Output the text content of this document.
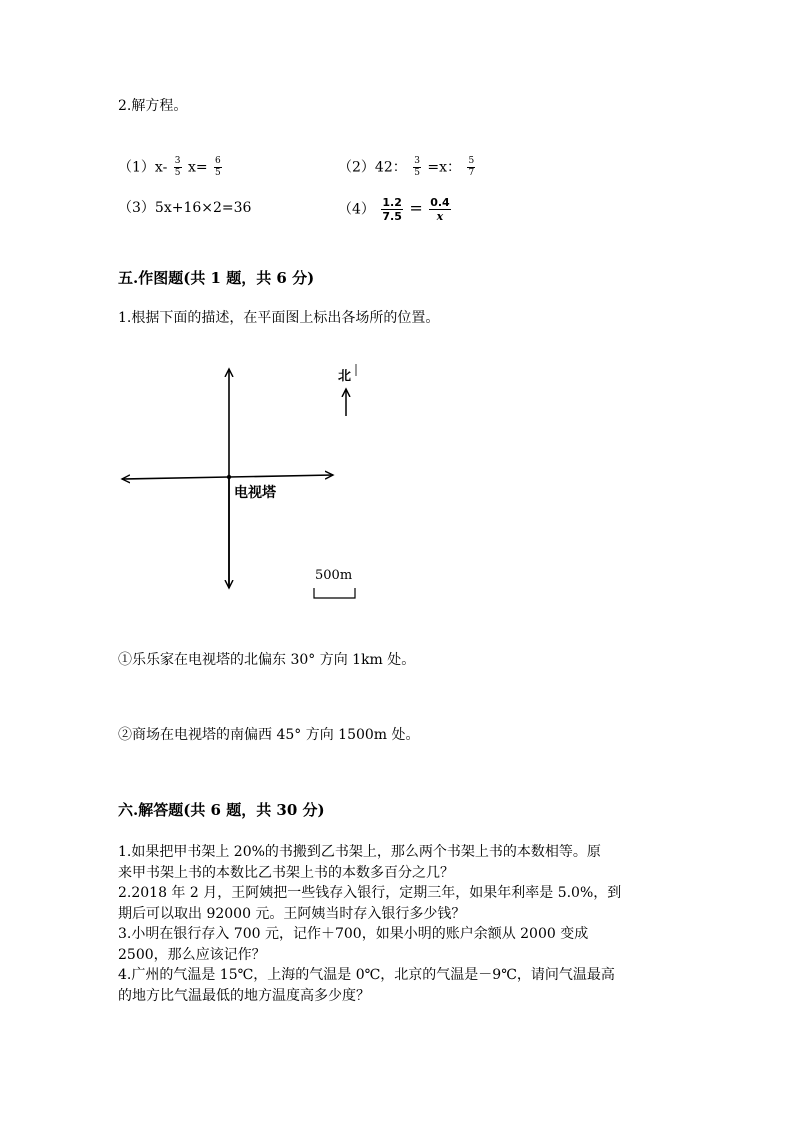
2.解方程。
$(1)x- \frac{3}{5} x= \frac{6}{5}$	（2）42： $\frac{3}{5} =x$： $\frac{5}{7}$
（3）5x+16×2=36	$(4) \frac{1.2}{7.5} = \frac{0.4}{x}$
五.作图题(共 1 题，共 6 分)
1.根据下面的描述，在平面图上标出各场所的位置。
北
电视塔
500m
①乐乐家在电视塔的北偏东 30° 方向 1km 处。
②商场在电视塔的南偏西 45° 方向 1500m 处。
六.解答题(共 6 题，共 30 分)
1.如果把甲书架上 20%的书搬到乙书架上，那么两个书架上书的本数相等。原
来甲书架上书的本数比乙书架上书的本数多百分之几？
2.2018 年 2 月，王阿姨把一些钱存入银行，定期三年，如果年利率是 5.0%，到
期后可以取出 92000 元。王阿姨当时存入银行多少钱？
3.小明在银行存入 700 元，记作＋700，如果小明的账户余额从 2000 变成
2500，那么应该记作？
4.广州的气温是 15℃，上海的气温是 0℃，北京的气温是－9℃，请问气温最高
的地方比气温最低的地方温度高多少度？
